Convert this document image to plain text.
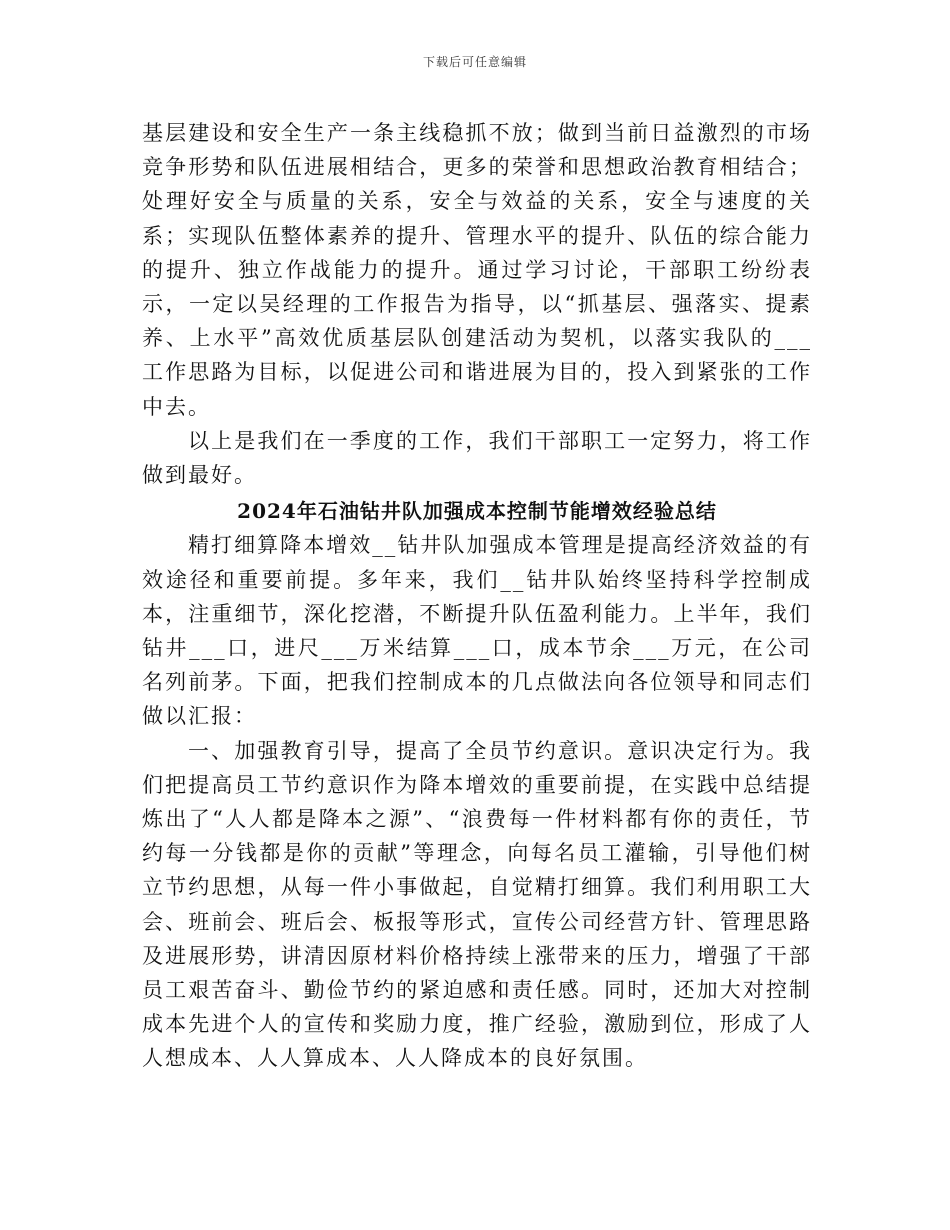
下载后可任意编辑

基层建设和安全生产一条主线稳抓不放；做到当前日益激烈的市场竞争形势和队伍进展相结合，更多的荣誉和思想政治教育相结合；处理好安全与质量的关系，安全与效益的关系，安全与速度的关系；实现队伍整体素养的提升、管理水平的提升、队伍的综合能力的提升、独立作战能力的提升。通过学习讨论，干部职工纷纷表示，一定以吴经理的工作报告为指导，以“抓基层、强落实、提素养、上水平”高效优质基层队创建活动为契机，以落实我队的___工作思路为目标，以促进公司和谐进展为目的，投入到紧张的工作中去。

以上是我们在一季度的工作，我们干部职工一定努力，将工作做到最好。

2024年石油钻井队加强成本控制节能增效经验总结

精打细算降本增效__钻井队加强成本管理是提高经济效益的有效途径和重要前提。多年来，我们__钻井队始终坚持科学控制成本，注重细节，深化挖潜，不断提升队伍盈利能力。上半年，我们钻井___口，进尺___万米结算___口，成本节余___万元，在公司名列前茅。下面，把我们控制成本的几点做法向各位领导和同志们做以汇报：

一、加强教育引导，提高了全员节约意识。意识决定行为。我们把提高员工节约意识作为降本增效的重要前提，在实践中总结提炼出了“人人都是降本之源”、“浪费每一件材料都有你的责任，节约每一分钱都是你的贡献”等理念，向每名员工灌输，引导他们树立节约思想，从每一件小事做起，自觉精打细算。我们利用职工大会、班前会、班后会、板报等形式，宣传公司经营方针、管理思路及进展形势，讲清因原材料价格持续上涨带来的压力，增强了干部员工艰苦奋斗、勤俭节约的紧迫感和责任感。同时，还加大对控制成本先进个人的宣传和奖励力度，推广经验，激励到位，形成了人人想成本、人人算成本、人人降成本的良好氛围。
